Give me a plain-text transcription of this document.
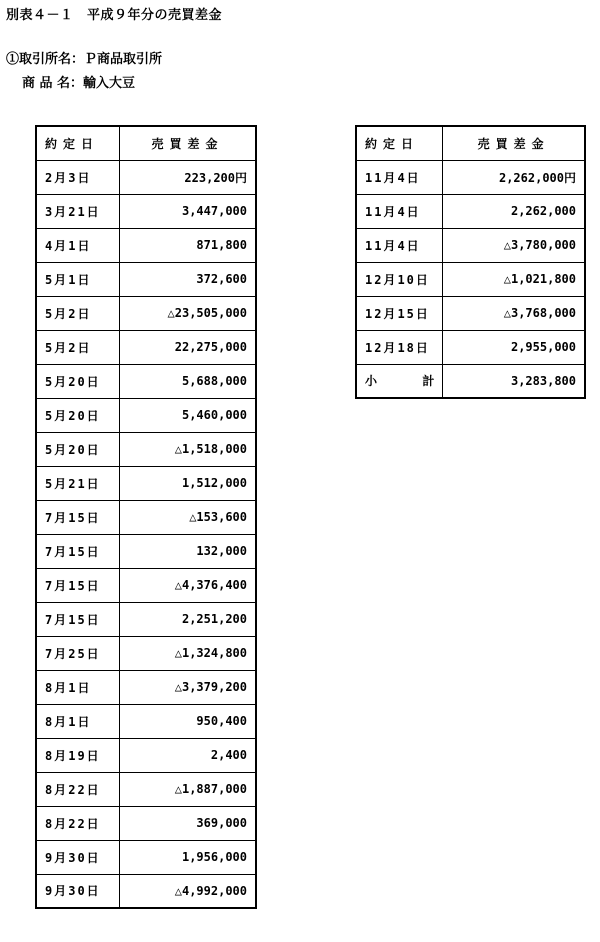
別表４－１　平成９年分の売買差金
①取引所名：Ｐ商品取引所
商 品 名：輸入大豆
約定日	売買差金
2月3日	223,200円
3月21日	3,447,000
4月1日	871,800
5月1日	372,600
5月2日	△23,505,000
5月2日	22,275,000
5月20日	5,688,000
5月20日	5,460,000
5月20日	△1,518,000
5月21日	1,512,000
7月15日	△153,600
7月15日	132,000
7月15日	△4,376,400
7月15日	2,251,200
7月25日	△1,324,800
8月1日	△3,379,200
8月1日	950,400
8月19日	2,400
8月22日	△1,887,000
8月22日	369,000
9月30日	1,956,000
9月30日	△4,992,000
約定日	売買差金
11月4日	2,262,000円
11月4日	2,262,000
11月4日	△3,780,000
12月10日	△1,021,800
12月15日	△3,768,000
12月18日	2,955,000
小計	3,283,800
